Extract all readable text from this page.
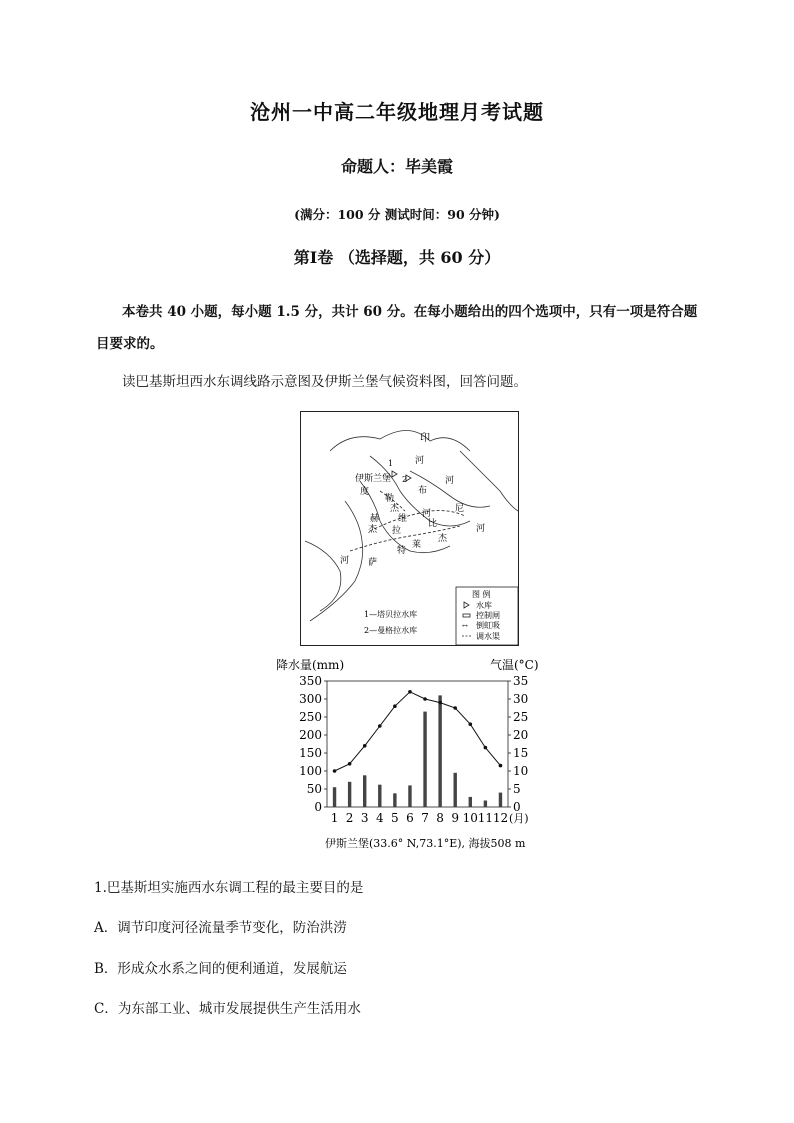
沧州一中高二年级地理月考试题
命题人：毕美霞
(满分：100 分 测试时间：90 分钟)
第Ⅰ卷 （选择题，共 60 分）
本卷共 40 小题，每小题 1.5 分，共计 60 分。在每小题给出的四个选项中，只有一项是符合题目要求的。
读巴基斯坦西水东调线路示意图及伊斯兰堡气候资料图，回答问题。
印
1 河
伊斯兰堡 2	河
度	布
勒
杰
赫 维 河	尼
杰 拉
比	河
杰
莱
特
河 萨
图 例
水库
控制闸
↔ 倒虹吸
调水渠
1—塔贝拉水库
2—曼格拉水库
降水量(mm)	气温(°C)
0
50
100
150
200
250
300
350
0
5
10
15
20
25
30
35
1 2 3 4 5 6 7 8 9 10 11 12 (月)
伊斯兰堡(33.6° N,73.1°E), 海拔508 m
1.巴基斯坦实施西水东调工程的最主要目的是
A．调节印度河径流量季节变化，防治洪涝
B．形成众水系之间的便利通道，发展航运
C．为东部工业、城市发展提供生产生活用水
